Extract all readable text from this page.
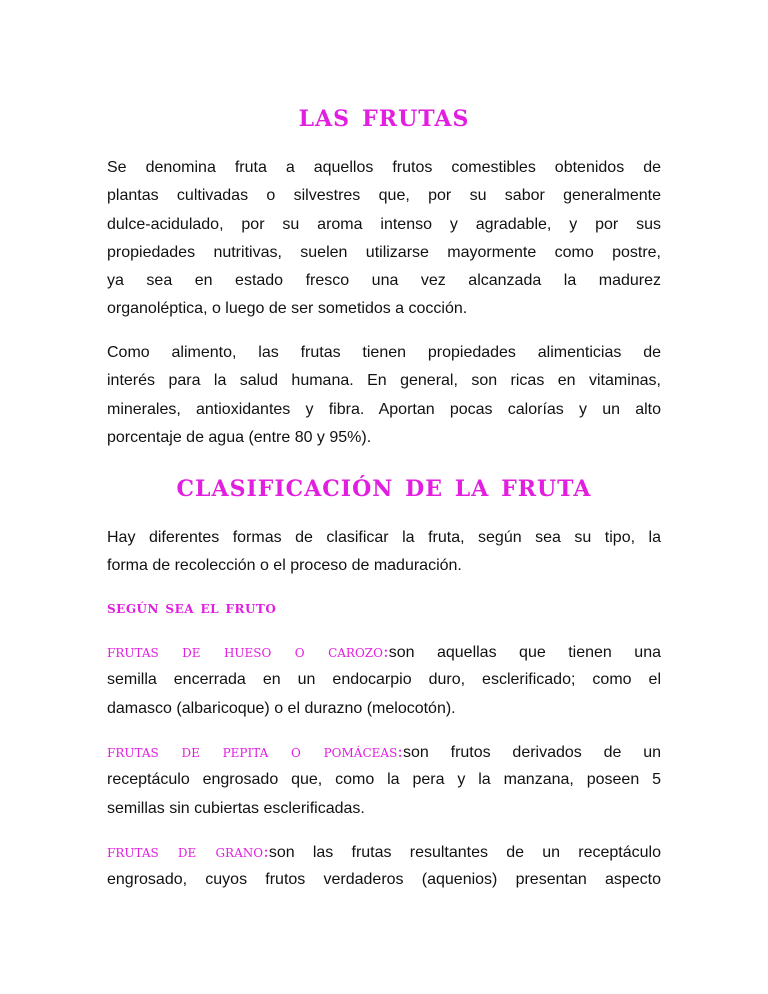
las frutas
Se denomina fruta a aquellos frutos comestibles obtenidos de
plantas cultivadas o silvestres que, por su sabor generalmente
dulce-acidulado, por su aroma intenso y agradable, y por sus
propiedades nutritivas, suelen utilizarse mayormente como postre,
ya sea en estado fresco una vez alcanzada la madurez
organoléptica, o luego de ser sometidos a cocción.
Como alimento, las frutas tienen propiedades alimenticias de
interés para la salud humana. En general, son ricas en vitaminas,
minerales, antioxidantes y fibra. Aportan pocas calorías y un alto
porcentaje de agua (entre 80 y 95%).
clasificación de la fruta
Hay diferentes formas de clasificar la fruta, según sea su tipo, la
forma de recolección o el proceso de maduración.
según sea el fruto
frutas de hueso o carozo:son aquellas que tienen una
semilla encerrada en un endocarpio duro, esclerificado; como el
damasco (albaricoque) o el durazno (melocotón).
frutas de pepita o pomáceas:son frutos derivados de un
receptáculo engrosado que, como la pera y la manzana, poseen 5
semillas sin cubiertas esclerificadas.
frutas de grano:son las frutas resultantes de un receptáculo
engrosado, cuyos frutos verdaderos (aquenios) presentan aspecto
